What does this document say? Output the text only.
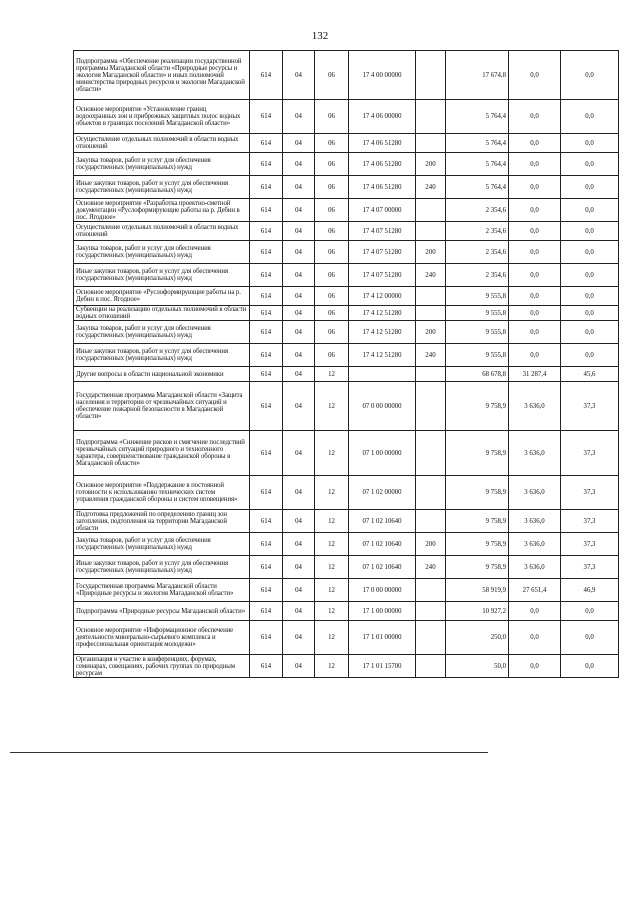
132
Подпрограмма «Обеспечение реализации государственной программы Магаданской области «Природные ресурсы и экология Магаданской области» и иных полномочий министерства природных ресурсов и экологии Магаданской области»	614	04	06	17 4 00 00000		17 674,8	0,0	0,0
Основное мероприятие «Установление границ водоохранных зон и прибрежных защитных полос водных объектов в границах поселений Магаданской области»	614	04	06	17 4 06 00000		5 764,4	0,0	0,0
Осуществление отдельных полномочий в области водных отношений	614	04	06	17 4 06 51280		5 764,4	0,0	0,0
Закупка товаров, работ и услуг для обеспечения государственных (муниципальных) нужд	614	04	06	17 4 06 51280	200	5 764,4	0,0	0,0
Иные закупки товаров, работ и услуг для обеспечения государственных (муниципальных) нужд	614	04	06	17 4 06 51280	240	5 764,4	0,0	0,0
Основное мероприятие «Разработка проектно-сметной документации «Руслоформирующие работы на р. Дебин в пос. Ягодное»	614	04	06	17 4 07 00000		2 354,6	0,0	0,0
Осуществление отдельных полномочий в области водных отношений	614	04	06	17 4 07 51280		2 354,6	0,0	0,0
Закупка товаров, работ и услуг для обеспечения государственных (муниципальных) нужд	614	04	06	17 4 07 51280	200	2 354,6	0,0	0,0
Иные закупки товаров, работ и услуг для обеспечения государственных (муниципальных) нужд	614	04	06	17 4 07 51280	240	2 354,6	0,0	0,0
Основное мероприятие «Руслоформирующие работы на р. Дебин в пос. Ягодное»	614	04	06	17 4 12 00000		9 555,8	0,0	0,0
Субвенции на реализацию отдельных полномочий в области водных отношений	614	04	06	17 4 12 51280		9 555,8	0,0	0,0
Закупка товаров, работ и услуг для обеспечения государственных (муниципальных) нужд	614	04	06	17 4 12 51280	200	9 555,8	0,0	0,0
Иные закупки товаров, работ и услуг для обеспечения государственных (муниципальных) нужд	614	04	06	17 4 12 51280	240	9 555,8	0,0	0,0
Другие вопросы в области национальной экономики	614	04	12			68 678,8	31 287,4	45,6
Государственная программа Магаданской области «Защита населения и территории от чрезвычайных ситуаций и обеспечение пожарной безопасности в Магаданской области»	614	04	12	07 0 00 00000		9 758,9	3 636,0	37,3
Подпрограмма «Снижение рисков и смягчение последствий чрезвычайных ситуаций природного и техногенного характера, совершенствование гражданской обороны в Магаданской области»	614	04	12	07 1 00 00000		9 758,9	3 636,0	37,3
Основное мероприятие «Поддержание в постоянной готовности к использованию технических систем управления гражданской обороны и систем оповещения»	614	04	12	07 1 02 00000		9 758,9	3 636,0	37,3
Подготовка предложений по определению границ зон затопления, подтопления на территории Магаданской области	614	04	12	07 1 02 10640		9 758,9	3 636,0	37,3
Закупка товаров, работ и услуг для обеспечения государственных (муниципальных) нужд	614	04	12	07 1 02 10640	200	9 758,9	3 636,0	37,3
Иные закупки товаров, работ и услуг для обеспечения государственных (муниципальных) нужд	614	04	12	07 1 02 10640	240	9 758,9	3 636,0	37,3
Государственная программа Магаданской области «Природные ресурсы и экология Магаданской области»	614	04	12	17 0 00 00000		58 919,9	27 651,4	46,9
Подпрограмма «Природные ресурсы Магаданской области»	614	04	12	17 1 00 00000		10 927,2	0,0	0,0
Основное мероприятие «Информационное обеспечение деятельности минерально-сырьевого комплекса и профессиональная ориентация молодежи»	614	04	12	17 1 01 00000		250,0	0,0	0,0
Организация и участие в конференциях, форумах, семинарах, совещаниях, рабочих группах по природным ресурсам	614	04	12	17 1 01 15700		50,0	0,0	0,0
